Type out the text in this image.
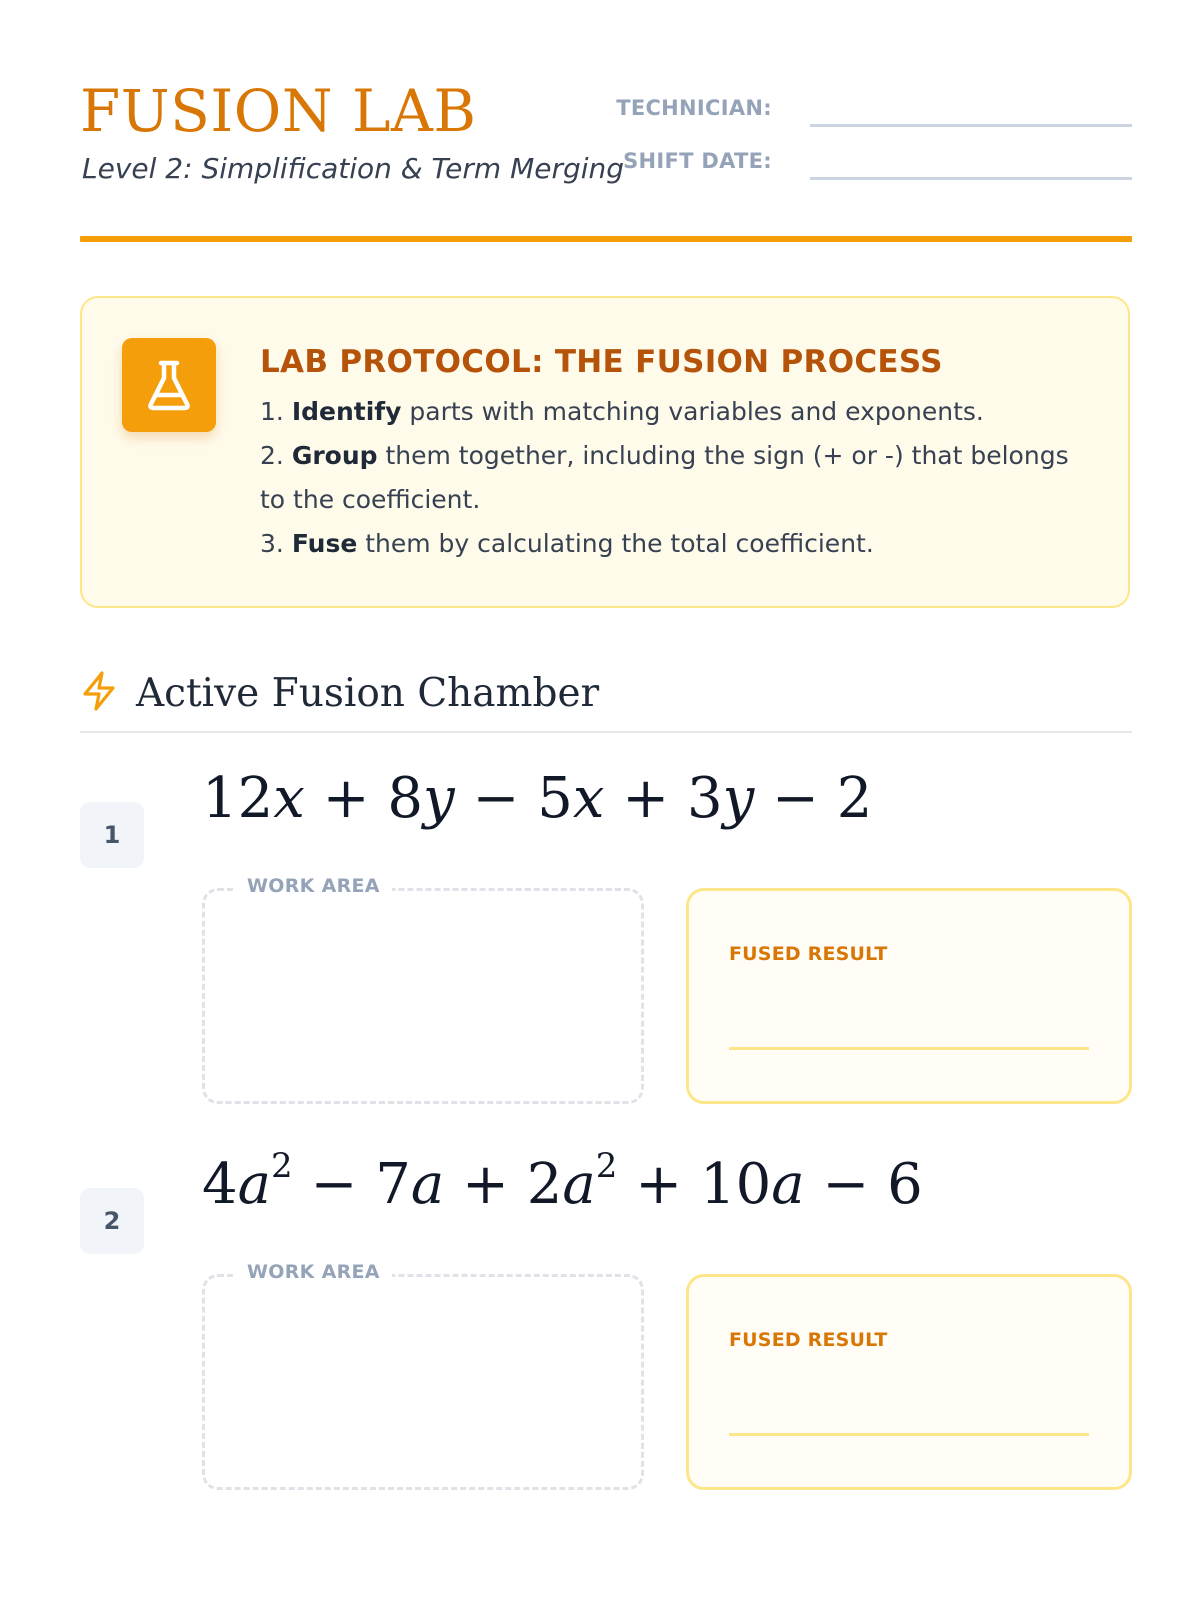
FUSION LAB

Level 2: Simplification & Term Merging

TECHNICIAN:
SHIFT DATE:
LAB PROTOCOL: THE FUSION PROCESS

1. Identify parts with matching variables and exponents.

2. Group them together, including the sign (+ or -) that belongs to the coefficient.

3. Fuse them by calculating the total coefficient.

Active Fusion Chamber
1
12x + 8y − 5x + 3y − 2
WORK AREA
FUSED RESULT
2
$4a^2 - 7a + 2a^2 + 10a - 6$
WORK AREA
FUSED RESULT
